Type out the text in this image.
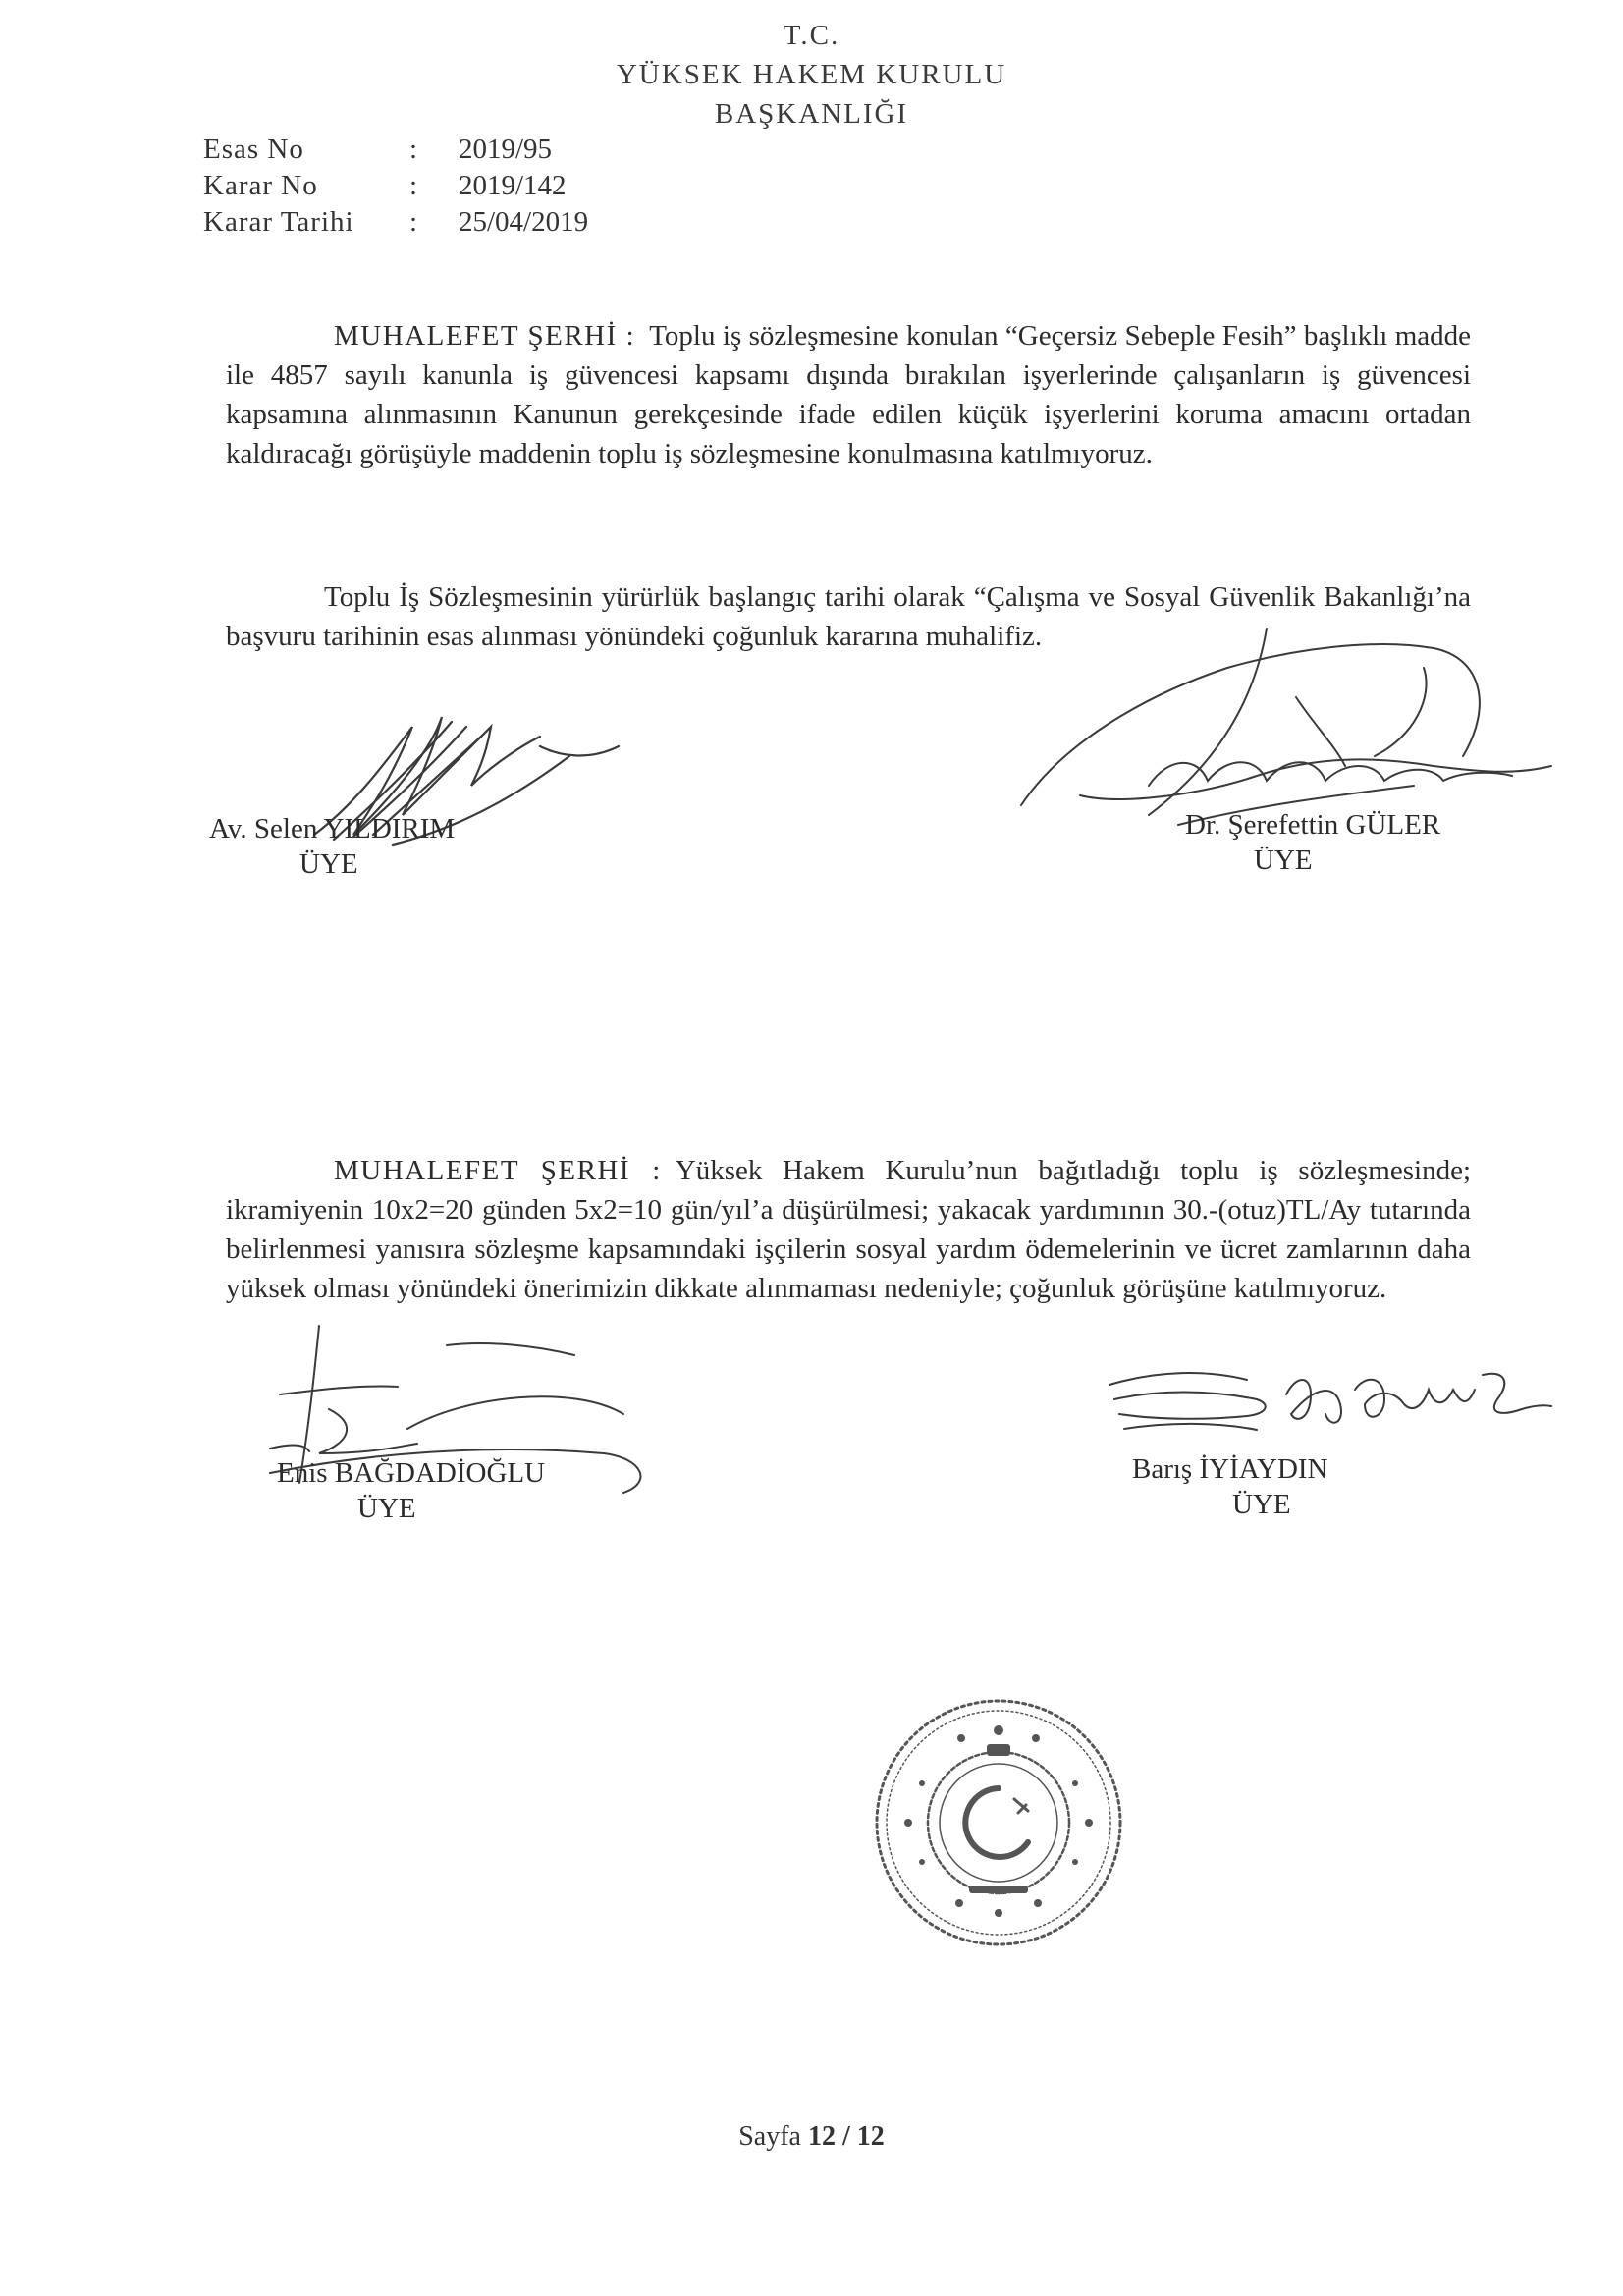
T.C.
YÜKSEK HAKEM KURULU
BAŞKANLIĞI
Esas No	:	2019/95
Karar No	:	2019/142
Karar Tarihi	:	25/04/2019
MUHALEFET ŞERHİ : Toplu iş sözleşmesine konulan “Geçersiz Sebeple Fesih” başlıklı madde ile 4857 sayılı kanunla iş güvencesi kapsamı dışında bırakılan işyerlerinde çalışanların iş güvencesi kapsamına alınmasının Kanunun gerekçesinde ifade edilen küçük işyerlerini koruma amacını ortadan kaldıracağı görüşüyle maddenin toplu iş sözleşmesine konulmasına katılmıyoruz.
Toplu İş Sözleşmesinin yürürlük başlangıç tarihi olarak “Çalışma ve Sosyal Güvenlik Bakanlığı’na başvuru tarihinin esas alınması yönündeki çoğunluk kararına muhalifiz.
Av. Selen YILDIRIM
ÜYE
Dr. Şerefettin GÜLER
ÜYE
MUHALEFET ŞERHİ : Yüksek Hakem Kurulu’nun bağıtladığı toplu iş sözleşmesinde; ikramiyenin 10x2=20 günden 5x2=10 gün/yıl’a düşürülmesi; yakacak yardımının 30.-(otuz)TL/Ay tutarında belirlenmesi yanısıra sözleşme kapsamındaki işçilerin sosyal yardım ödemelerinin ve ücret zamlarının daha yüksek olması yönündeki önerimizin dikkate alınmaması nedeniyle; çoğunluk görüşüne katılmıyoruz.
Enis BAĞDADİOĞLU
ÜYE
Barış İYİAYDIN
ÜYE
Sayfa 12 / 12
